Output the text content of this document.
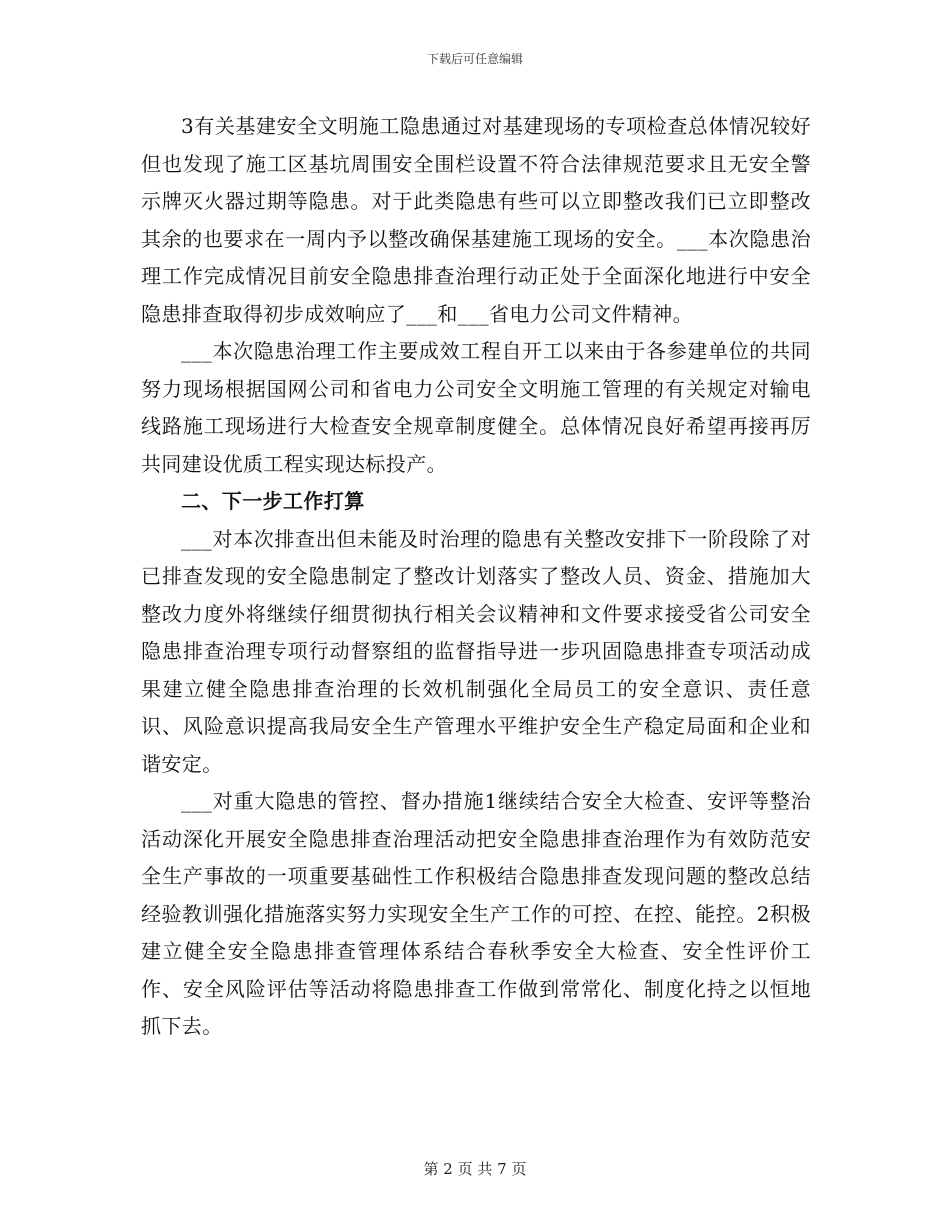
下载后可任意编辑

3有关基建安全文明施工隐患通过对基建现场的专项检查总体情况较好但也发现了施工区基坑周围安全围栏设置不符合法律规范要求且无安全警示牌灭火器过期等隐患。对于此类隐患有些可以立即整改我们已立即整改其余的也要求在一周内予以整改确保基建施工现场的安全。___本次隐患治理工作完成情况目前安全隐患排查治理行动正处于全面深化地进行中安全隐患排查取得初步成效响应了___和___省电力公司文件精神。

___本次隐患治理工作主要成效工程自开工以来由于各参建单位的共同努力现场根据国网公司和省电力公司安全文明施工管理的有关规定对输电线路施工现场进行大检查安全规章制度健全。总体情况良好希望再接再厉共同建设优质工程实现达标投产。

二、下一步工作打算

___对本次排查出但未能及时治理的隐患有关整改安排下一阶段除了对已排查发现的安全隐患制定了整改计划落实了整改人员、资金、措施加大整改力度外将继续仔细贯彻执行相关会议精神和文件要求接受省公司安全隐患排查治理专项行动督察组的监督指导进一步巩固隐患排查专项活动成果建立健全隐患排查治理的长效机制强化全局员工的安全意识、责任意识、风险意识提高我局安全生产管理水平维护安全生产稳定局面和企业和谐安定。

___对重大隐患的管控、督办措施1继续结合安全大检查、安评等整治活动深化开展安全隐患排查治理活动把安全隐患排查治理作为有效防范安全生产事故的一项重要基础性工作积极结合隐患排查发现问题的整改总结经验教训强化措施落实努力实现安全生产工作的可控、在控、能控。2积极建立健全安全隐患排查管理体系结合春秋季安全大检查、安全性评价工作、安全风险评估等活动将隐患排查工作做到常常化、制度化持之以恒地抓下去。

第 2 页 共 7 页
